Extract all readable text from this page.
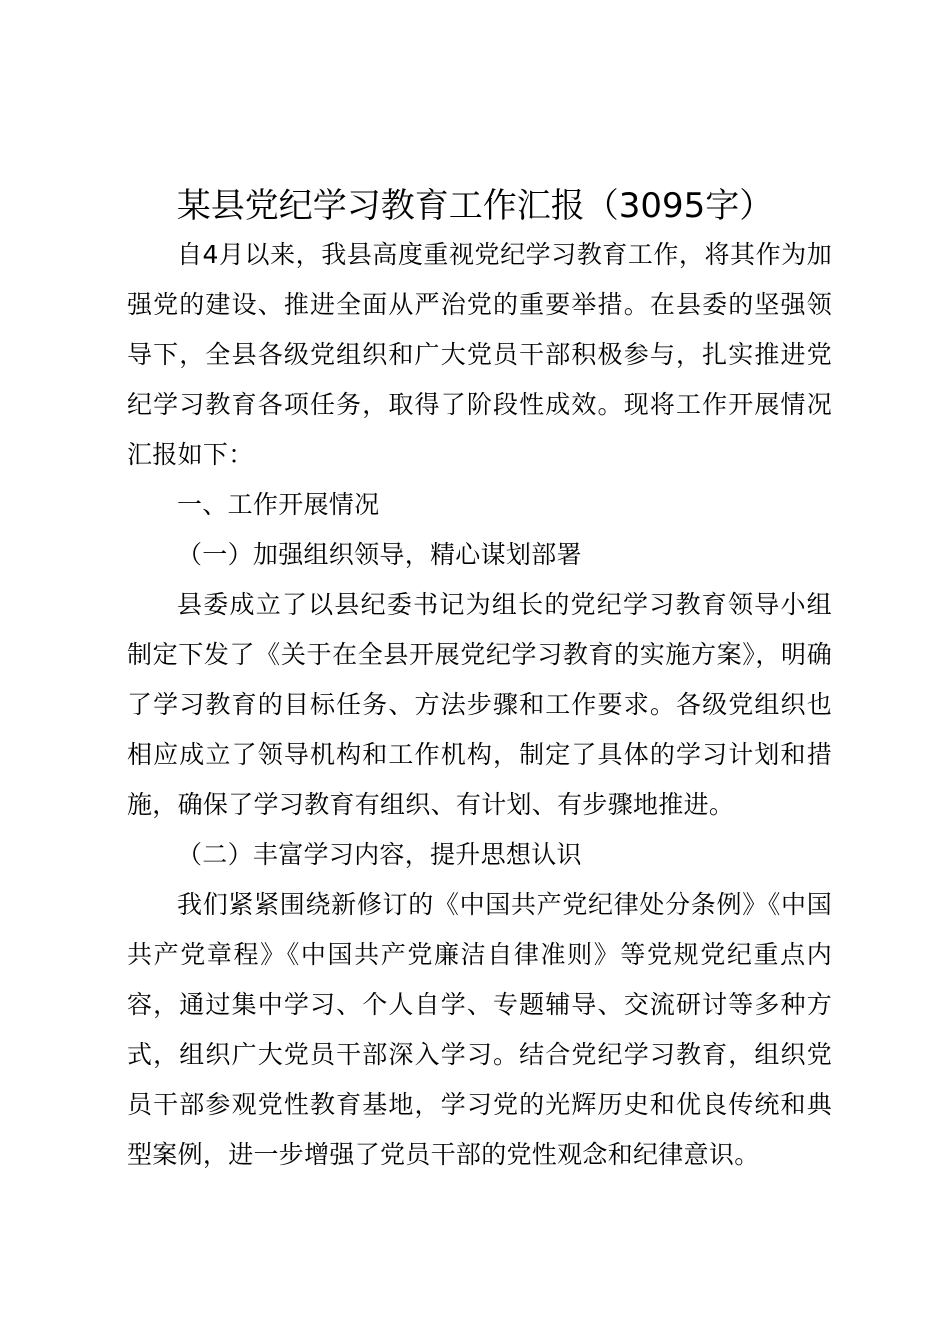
某县党纪学习教育工作汇报（3095字）

自4月以来，我县高度重视党纪学习教育工作，将其作为加强党的建设、推进全面从严治党的重要举措。在县委的坚强领导下，全县各级党组织和广大党员干部积极参与，扎实推进党纪学习教育各项任务，取得了阶段性成效。现将工作开展情况汇报如下：

一、工作开展情况

（一）加强组织领导，精心谋划部署

县委成立了以县纪委书记为组长的党纪学习教育领导小组制定下发了《关于在全县开展党纪学习教育的实施方案》，明确了学习教育的目标任务、方法步骤和工作要求。各级党组织也相应成立了领导机构和工作机构，制定了具体的学习计划和措施，确保了学习教育有组织、有计划、有步骤地推进。

（二）丰富学习内容，提升思想认识

我们紧紧围绕新修订的《中国共产党纪律处分条例》《中国共产党章程》《中国共产党廉洁自律准则》等党规党纪重点内容，通过集中学习、个人自学、专题辅导、交流研讨等多种方式，组织广大党员干部深入学习。结合党纪学习教育，组织党员干部参观党性教育基地，学习党的光辉历史和优良传统和典型案例，进一步增强了党员干部的党性观念和纪律意识。
